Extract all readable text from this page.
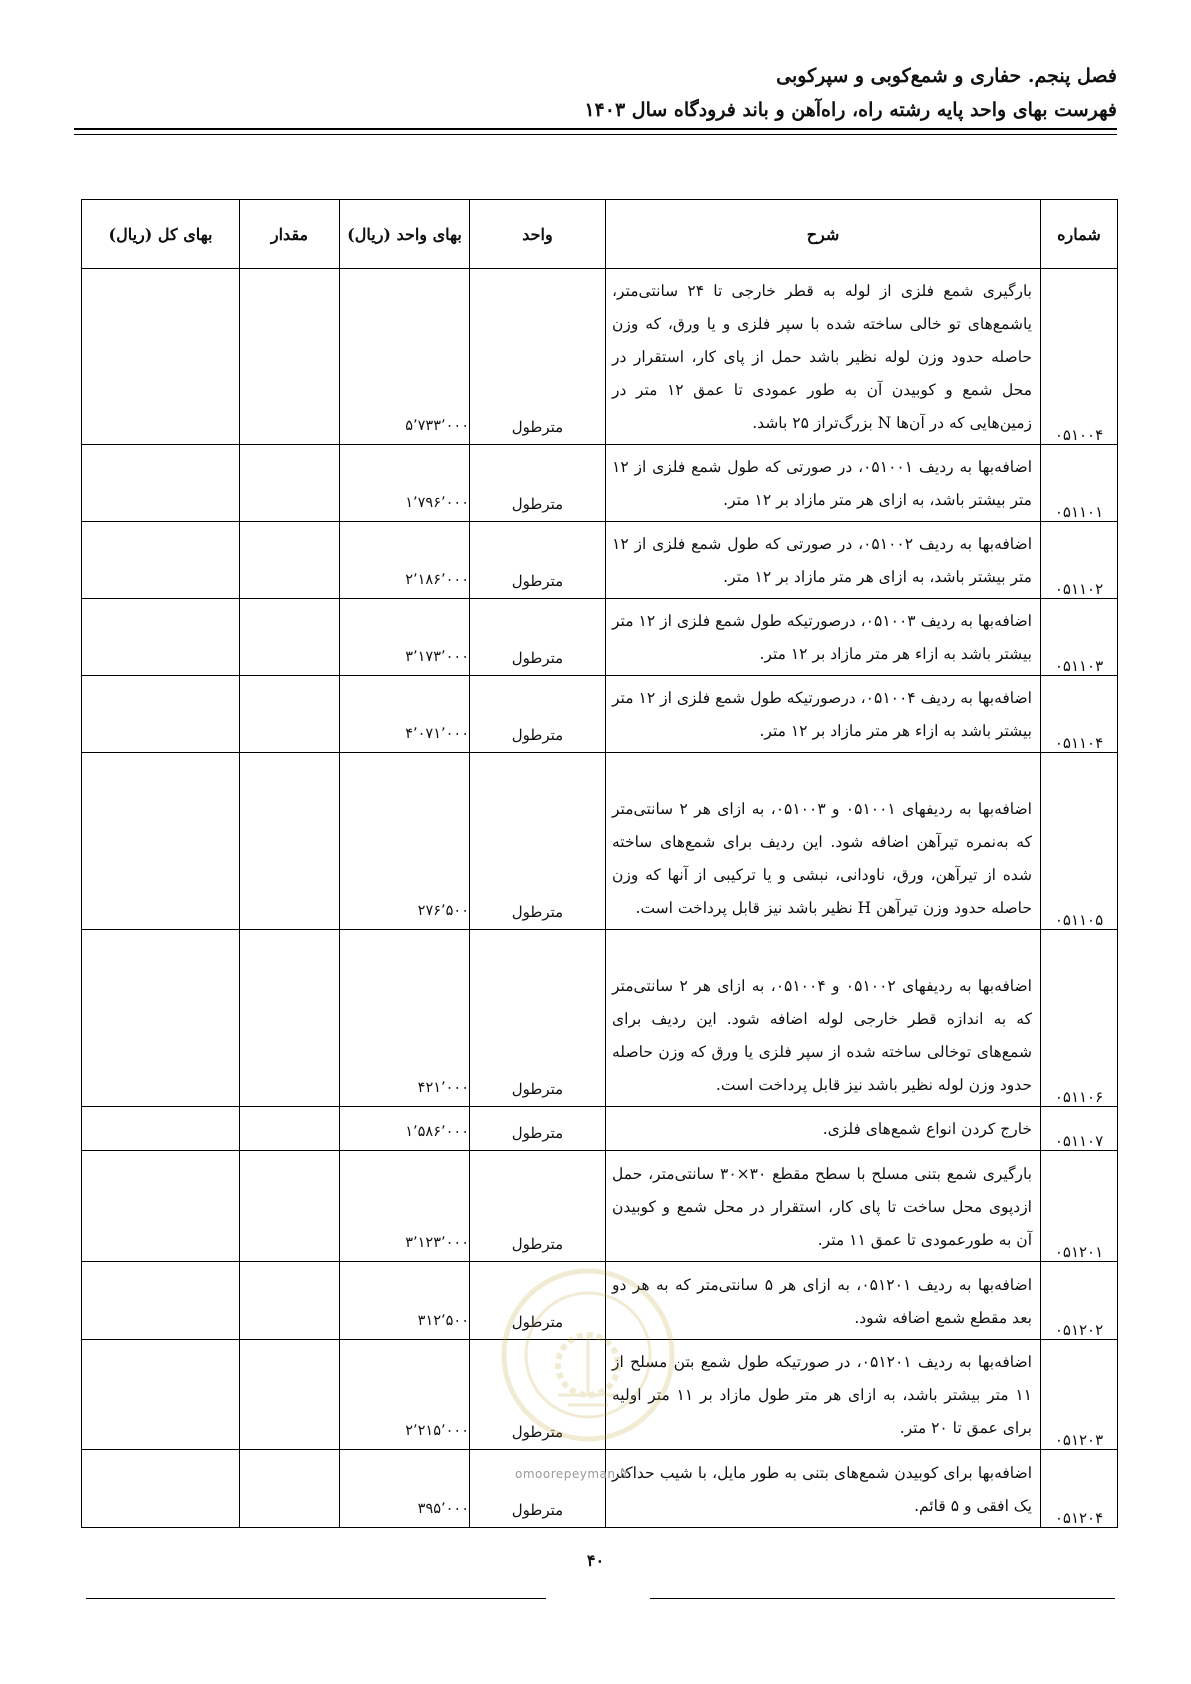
فصل پنجم. حفاری و شمع‌کوبی و سپرکوبی
فهرست بهای واحد پایه رشته راه، راه‌آهن و باند فرودگاه سال ۱۴۰۳
شماره	شرح	واحد	بهای واحد (ریال)	مقدار	بهای کل (ریال)
۰۵۱۰۰۴	بارگیری شمع فلزی از لوله به قطر خارجی تا ۲۴ سانتی‌متر، یاشمع‌های تو خالی ساخته شده با سپر فلزی و یا ورق، که وزن حاصله حدود وزن لوله نظیر باشد حمل از پای کار، استقرار در محل شمع و کوبیدن آن به طور عمودی تا عمق ۱۲ متر در زمین‌هایی که در آن‌ها N بزرگ‌تراز ۲۵ باشد.	مترطول	۵٬۷۳۳٬۰۰۰		
۰۵۱۱۰۱	اضافه‌بها به ردیف ۰۵۱۰۰۱، در صورتی که طول شمع فلزی از ۱۲ متر بیشتر باشد، به ازای هر متر مازاد بر ۱۲ متر.	مترطول	۱٬۷۹۶٬۰۰۰		
۰۵۱۱۰۲	اضافه‌بها به ردیف ۰۵۱۰۰۲، در صورتی که طول شمع فلزی از ۱۲ متر بیشتر باشد، به ازای هر متر مازاد بر ۱۲ متر.	مترطول	۲٬۱۸۶٬۰۰۰		
۰۵۱۱۰۳	اضافه‌بها به ردیف ۰۵۱۰۰۳، درصورتیکه طول شمع فلزی از ۱۲ متر بیشتر باشد به ازاء هر متر مازاد بر ۱۲ متر.	مترطول	۳٬۱۷۳٬۰۰۰		
۰۵۱۱۰۴	اضافه‌بها به ردیف ۰۵۱۰۰۴، درصورتیکه طول شمع فلزی از ۱۲ متر بیشتر باشد به ازاء هر متر مازاد بر ۱۲ متر.	مترطول	۴٬۰۷۱٬۰۰۰		
۰۵۱۱۰۵	اضافه‌بها به ردیفهای ۰۵۱۰۰۱ و ۰۵۱۰۰۳، به ازای هر ۲ سانتی‌متر که به‌نمره تیرآهن اضافه شود. این ردیف برای شمع‌های ساخته شده از تیرآهن، ورق، ناودانی، نبشی و یا ترکیبی از آنها که وزن حاصله حدود وزن تیرآهن H نظیر باشد نیز قابل پرداخت است.	مترطول	۲۷۶٬۵۰۰		
۰۵۱۱۰۶	اضافه‌بها به ردیفهای ۰۵۱۰۰۲ و ۰۵۱۰۰۴، به ازای هر ۲ سانتی‌متر که به اندازه قطر خارجی لوله اضافه شود. این ردیف برای شمع‌های توخالی ساخته شده از سپر فلزی یا ورق که وزن حاصله حدود وزن لوله نظیر باشد نیز قابل پرداخت است.	مترطول	۴۲۱٬۰۰۰		
۰۵۱۱۰۷	خارج کردن انواع شمع‌های فلزی.	مترطول	۱٬۵۸۶٬۰۰۰		
۰۵۱۲۰۱	بارگیری شمع بتنی مسلح با سطح مقطع ۳۰×۳۰ سانتی‌متر، حمل ازدپوی محل ساخت تا پای کار، استقرار در محل شمع و کوبیدن آن به طورعمودی تا عمق ۱۱ متر.	مترطول	۳٬۱۲۳٬۰۰۰		
۰۵۱۲۰۲	اضافه‌بها به ردیف ۰۵۱۲۰۱، به ازای هر ۵ سانتی‌متر که به هر دو بعد مقطع شمع اضافه شود.	مترطول	۳۱۲٬۵۰۰		
۰۵۱۲۰۳	اضافه‌بها به ردیف ۰۵۱۲۰۱، در صورتیکه طول شمع بتن مسلح از ۱۱ متر بیشتر باشد، به ازای هر متر طول مازاد بر ۱۱ متر اولیه برای عمق تا ۲۰ متر.	مترطول	۲٬۲۱۵٬۰۰۰		
۰۵۱۲۰۴	اضافه‌بها برای کوبیدن شمع‌های بتنی به طور مایل، با شیب حداکثر یک افقی و ۵ قائم.	مترطول	۳۹۵٬۰۰۰		
omoorepeyman.ir
۴۰
